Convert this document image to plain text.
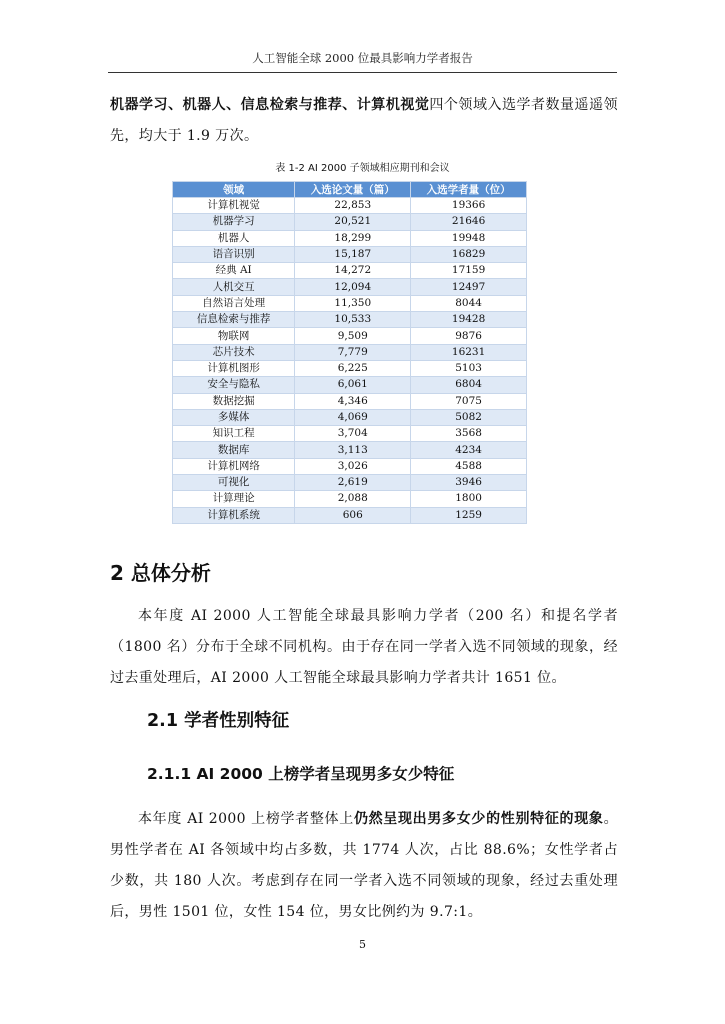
人工智能全球 2000 位最具影响力学者报告
机器学习、机器人、信息检索与推荐、计算机视觉四个领域入选学者数量遥遥领先，均大于 1.9 万次。
表 1-2 AI 2000 子领域相应期刊和会议
领域	入选论文量（篇）	入选学者量（位）
计算机视觉	22,853	19366
机器学习	20,521	21646
机器人	18,299	19948
语音识别	15,187	16829
经典 AI	14,272	17159
人机交互	12,094	12497
自然语言处理	11,350	8044
信息检索与推荐	10,533	19428
物联网	9,509	9876
芯片技术	7,779	16231
计算机图形	6,225	5103
安全与隐私	6,061	6804
数据挖掘	4,346	7075
多媒体	4,069	5082
知识工程	3,704	3568
数据库	3,113	4234
计算机网络	3,026	4588
可视化	2,619	3946
计算理论	2,088	1800
计算机系统	606	1259
2 总体分析
本年度 AI 2000 人工智能全球最具影响力学者（200 名）和提名学者（1800 名）分布于全球不同机构。由于存在同一学者入选不同领域的现象，经过去重处理后，AI 2000 人工智能全球最具影响力学者共计 1651 位。
2.1 学者性别特征
2.1.1 AI 2000 上榜学者呈现男多女少特征
本年度 AI 2000 上榜学者整体上仍然呈现出男多女少的性别特征的现象。男性学者在 AI 各领域中均占多数，共 1774 人次，占比 88.6%；女性学者占少数，共 180 人次。考虑到存在同一学者入选不同领域的现象，经过去重处理后，男性 1501 位，女性 154 位，男女比例约为 9.7:1。
5
